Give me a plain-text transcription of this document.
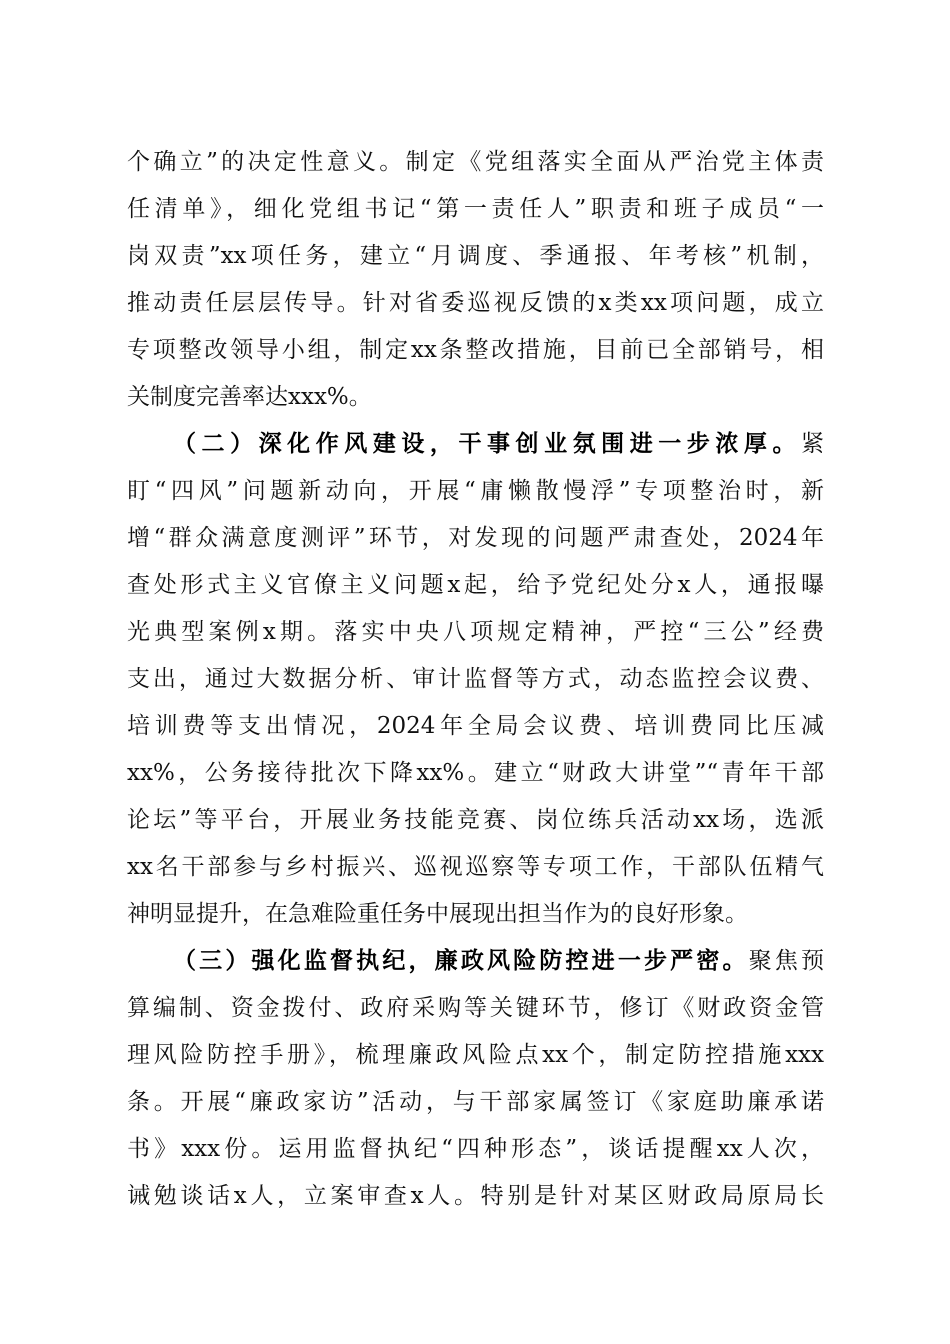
个确立”的决定性意义。制定《党组落实全面从严治党主体责
任清单》，细化党组书记“第一责任人”职责和班子成员“一
岗双责”xx项任务，建立“月调度、季通报、年考核”机制，
推动责任层层传导。针对省委巡视反馈的x类xx项问题，成立
专项整改领导小组，制定xx条整改措施，目前已全部销号，相
关制度完善率达xxx%。
（二）深化作风建设，干事创业氛围进一步浓厚。紧
盯“四风”问题新动向，开展“庸懒散慢浮”专项整治时，新
增“群众满意度测评”环节，对发现的问题严肃查处，2024年
查处形式主义官僚主义问题x起，给予党纪处分x人，通报曝
光典型案例x期。落实中央八项规定精神，严控“三公”经费
支出，通过大数据分析、审计监督等方式，动态监控会议费、
培训费等支出情况，2024年全局会议费、培训费同比压减
xx%，公务接待批次下降xx%。建立“财政大讲堂”“青年干部
论坛”等平台，开展业务技能竞赛、岗位练兵活动xx场，选派
xx名干部参与乡村振兴、巡视巡察等专项工作，干部队伍精气
神明显提升，在急难险重任务中展现出担当作为的良好形象。
（三）强化监督执纪，廉政风险防控进一步严密。聚焦预
算编制、资金拨付、政府采购等关键环节，修订《财政资金管
理风险防控手册》，梳理廉政风险点xx个，制定防控措施xxx
条。开展“廉政家访”活动，与干部家属签订《家庭助廉承诺
书》xxx份。运用监督执纪“四种形态”，谈话提醒xx人次，
诫勉谈话x人，立案审查x人。特别是针对某区财政局原局长
